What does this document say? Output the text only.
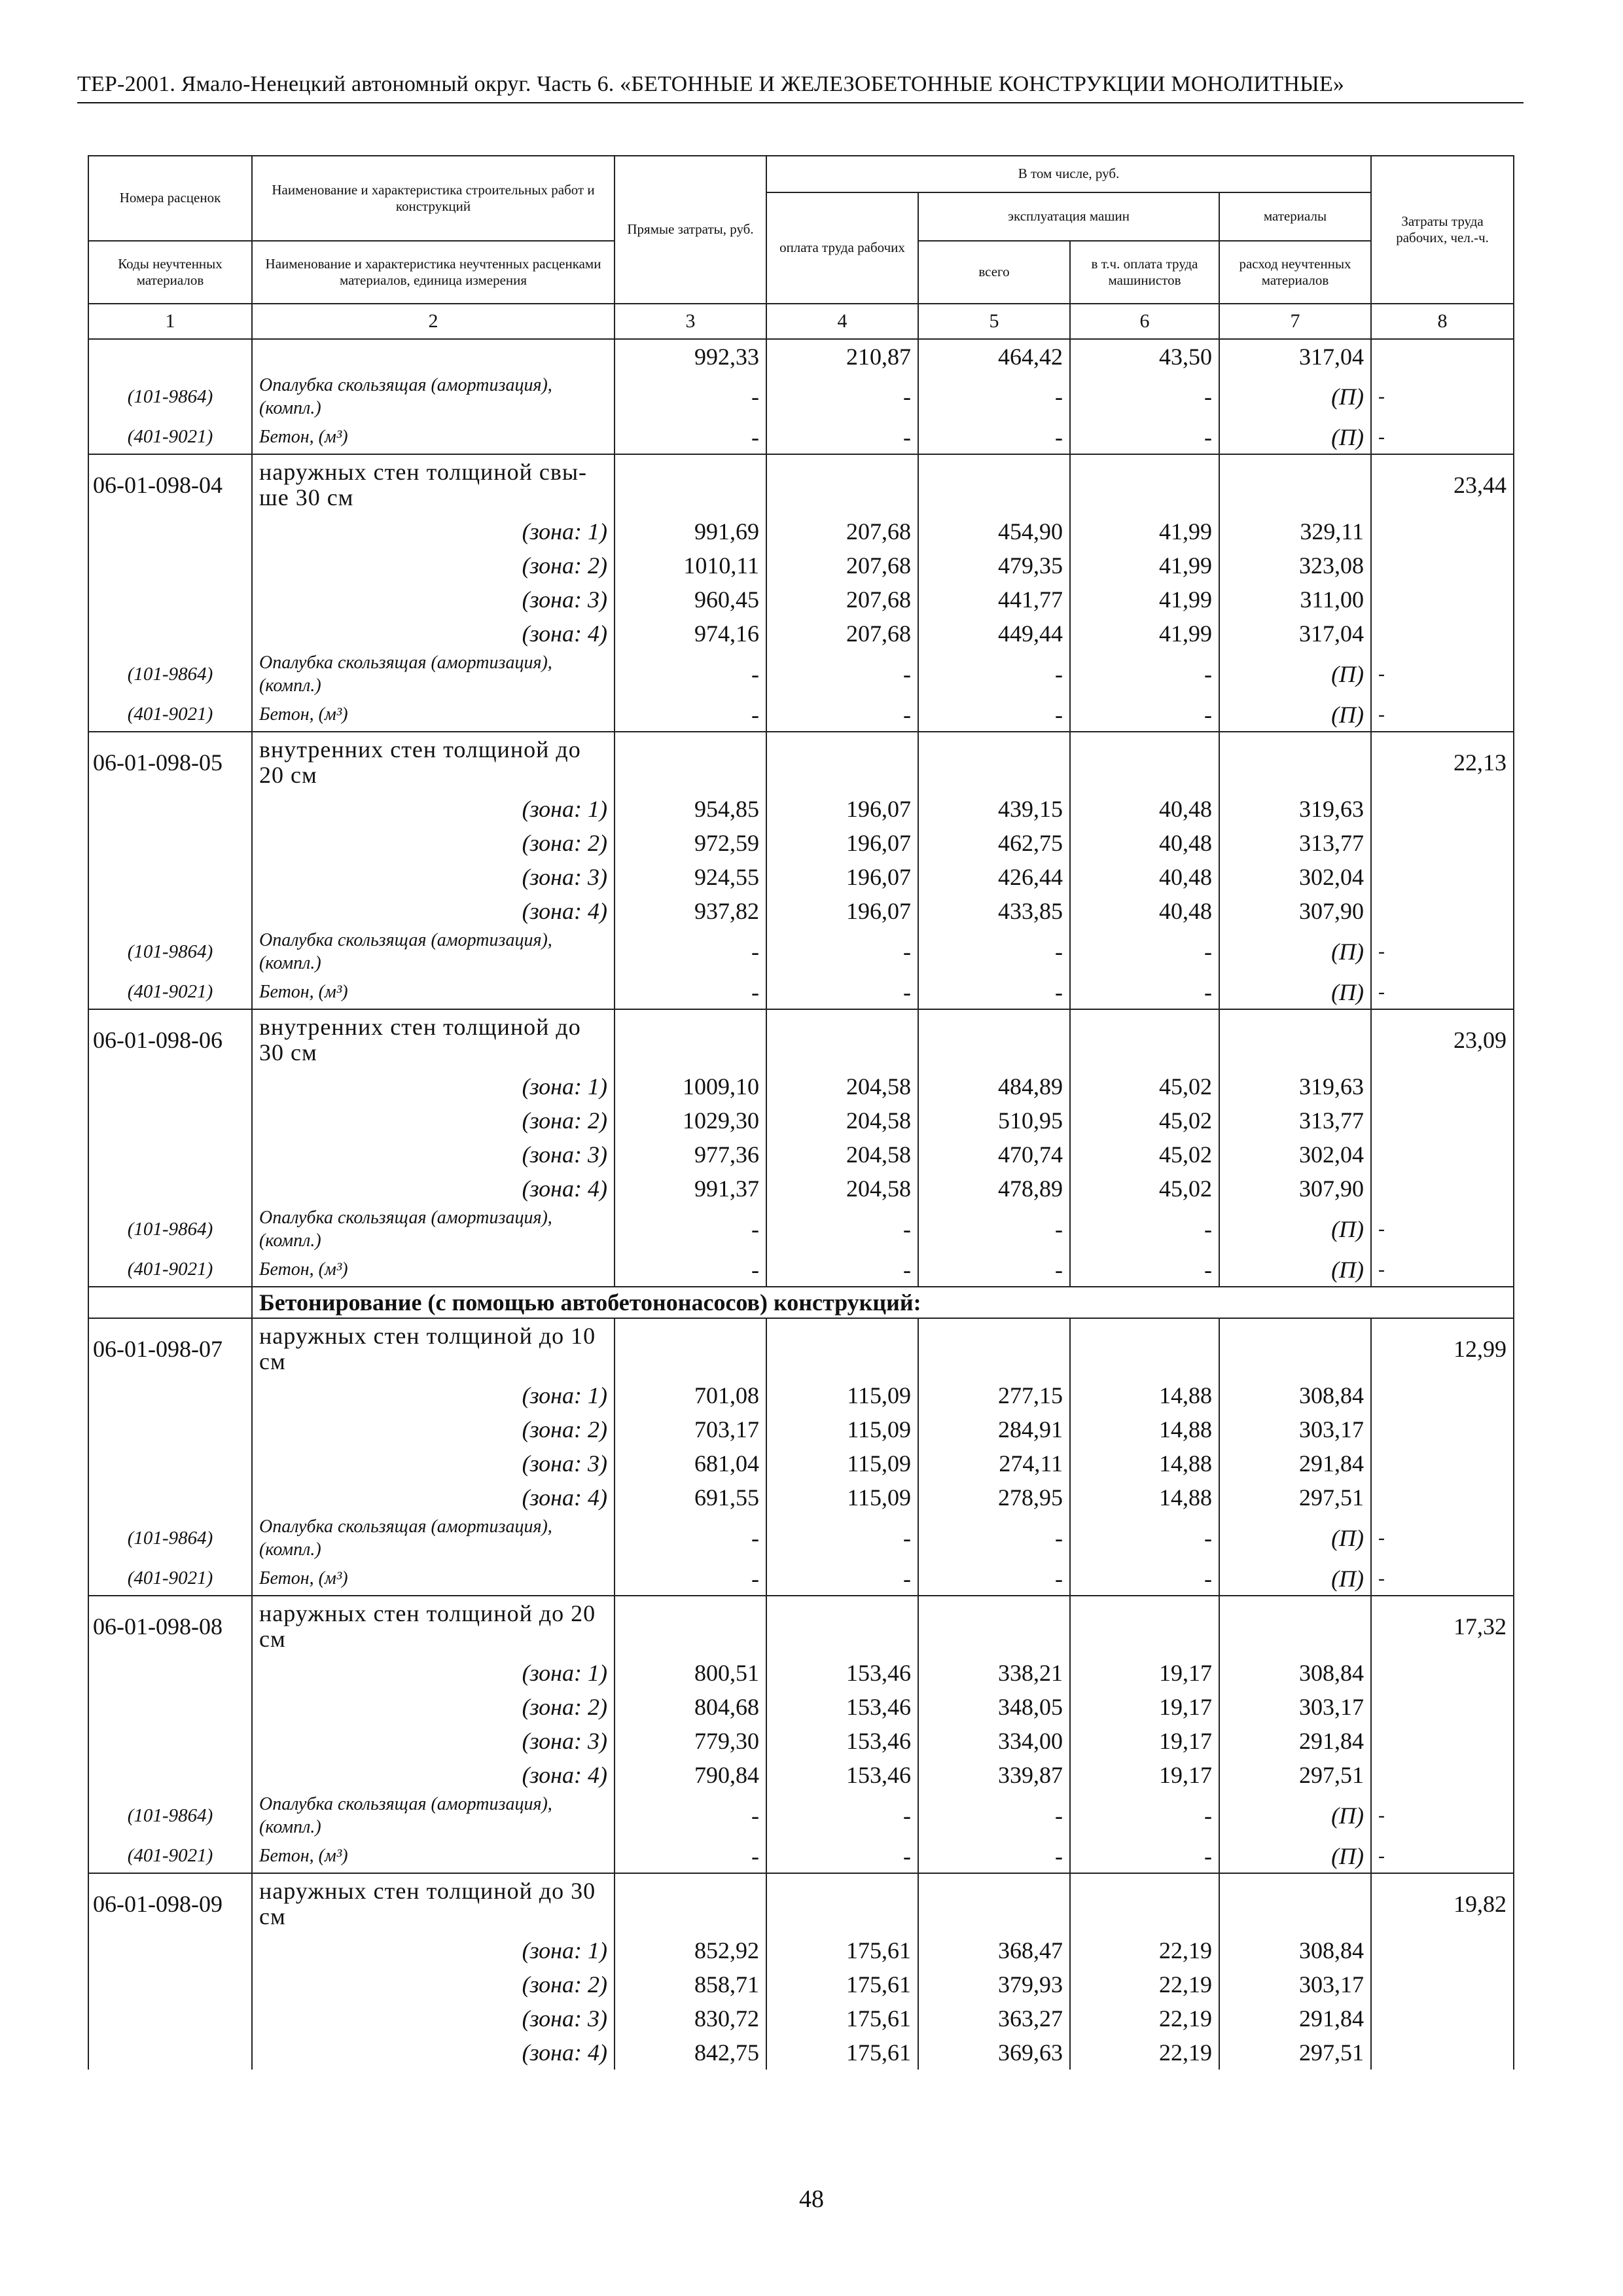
ТЕР-2001. Ямало-Ненецкий автономный округ. Часть 6. «БЕТОННЫЕ И ЖЕЛЕЗОБЕТОННЫЕ КОНСТРУКЦИИ МОНОЛИТНЫЕ»
Номера расценок	Наименование и характеристика строительных работ и конструкций	Прямые затраты, руб.	В том числе, руб.				Затраты труда рабочих, чел.-ч.
			оплата труда рабочих	эксплуатация машин		материалы	
Коды неучтенных материалов	Наименование и характеристика неучтенных расценками материалов, единица измерения			всего	в т.ч. оплата труда машинистов	расход неучтенных материалов	
1	2	3	4	5	6	7	8
		992,33	210,87	464,42	43,50	317,04	
(101-9864)	Опалубка скользящая (амортизация), (компл.)	-	-	-	-	(П)	-
(401-9021)	Бетон, (м³)	-	-	-	-	(П)	-
06-01-098-04	наружных стен толщиной свы-ше 30 см						23,44
	(зона: 1)	991,69	207,68	454,90	41,99	329,11	
	(зона: 2)	1010,11	207,68	479,35	41,99	323,08	
	(зона: 3)	960,45	207,68	441,77	41,99	311,00	
	(зона: 4)	974,16	207,68	449,44	41,99	317,04	
(101-9864)	Опалубка скользящая (амортизация), (компл.)	-	-	-	-	(П)	-
(401-9021)	Бетон, (м³)	-	-	-	-	(П)	-
06-01-098-05	внутренних стен толщиной до 20 см						22,13
	(зона: 1)	954,85	196,07	439,15	40,48	319,63	
	(зона: 2)	972,59	196,07	462,75	40,48	313,77	
	(зона: 3)	924,55	196,07	426,44	40,48	302,04	
	(зона: 4)	937,82	196,07	433,85	40,48	307,90	
(101-9864)	Опалубка скользящая (амортизация), (компл.)	-	-	-	-	(П)	-
(401-9021)	Бетон, (м³)	-	-	-	-	(П)	-
06-01-098-06	внутренних стен толщиной до 30 см						23,09
	(зона: 1)	1009,10	204,58	484,89	45,02	319,63	
	(зона: 2)	1029,30	204,58	510,95	45,02	313,77	
	(зона: 3)	977,36	204,58	470,74	45,02	302,04	
	(зона: 4)	991,37	204,58	478,89	45,02	307,90	
(101-9864)	Опалубка скользящая (амортизация), (компл.)	-	-	-	-	(П)	-
(401-9021)	Бетон, (м³)	-	-	-	-	(П)	-
	Бетонирование (с помощью автобетононасосов) конструкций:						
06-01-098-07	наружных стен толщиной до 10 см						12,99
	(зона: 1)	701,08	115,09	277,15	14,88	308,84	
	(зона: 2)	703,17	115,09	284,91	14,88	303,17	
	(зона: 3)	681,04	115,09	274,11	14,88	291,84	
	(зона: 4)	691,55	115,09	278,95	14,88	297,51	
(101-9864)	Опалубка скользящая (амортизация), (компл.)	-	-	-	-	(П)	-
(401-9021)	Бетон, (м³)	-	-	-	-	(П)	-
06-01-098-08	наружных стен толщиной до 20 см						17,32
	(зона: 1)	800,51	153,46	338,21	19,17	308,84	
	(зона: 2)	804,68	153,46	348,05	19,17	303,17	
	(зона: 3)	779,30	153,46	334,00	19,17	291,84	
	(зона: 4)	790,84	153,46	339,87	19,17	297,51	
(101-9864)	Опалубка скользящая (амортизация), (компл.)	-	-	-	-	(П)	-
(401-9021)	Бетон, (м³)	-	-	-	-	(П)	-
06-01-098-09	наружных стен толщиной до 30 см						19,82
	(зона: 1)	852,92	175,61	368,47	22,19	308,84	
	(зона: 2)	858,71	175,61	379,93	22,19	303,17	
	(зона: 3)	830,72	175,61	363,27	22,19	291,84	
	(зона: 4)	842,75	175,61	369,63	22,19	297,51	
48
